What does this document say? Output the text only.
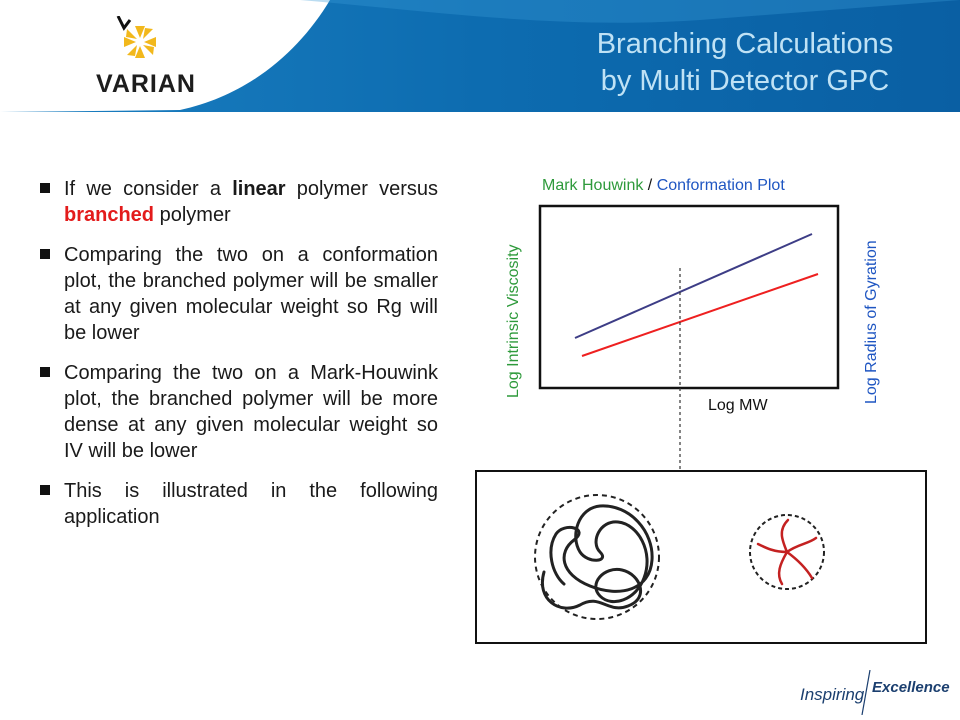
VARIAN
Branching Calculations
by Multi Detector GPC
If we consider a linear polymer versus branched polymer
Comparing the two on a conformation plot, the branched polymer will be smaller at any given molecular weight so Rg will be lower
Comparing the two on a Mark-Houwink plot, the branched polymer will be more dense at any given molecular weight so IV will be lower
This is illustrated in the following application
Mark Houwink / Conformation Plot
Log Intrinsic Viscosity	Log Radius of Gyration
Log MW
Inspiring Excellence
